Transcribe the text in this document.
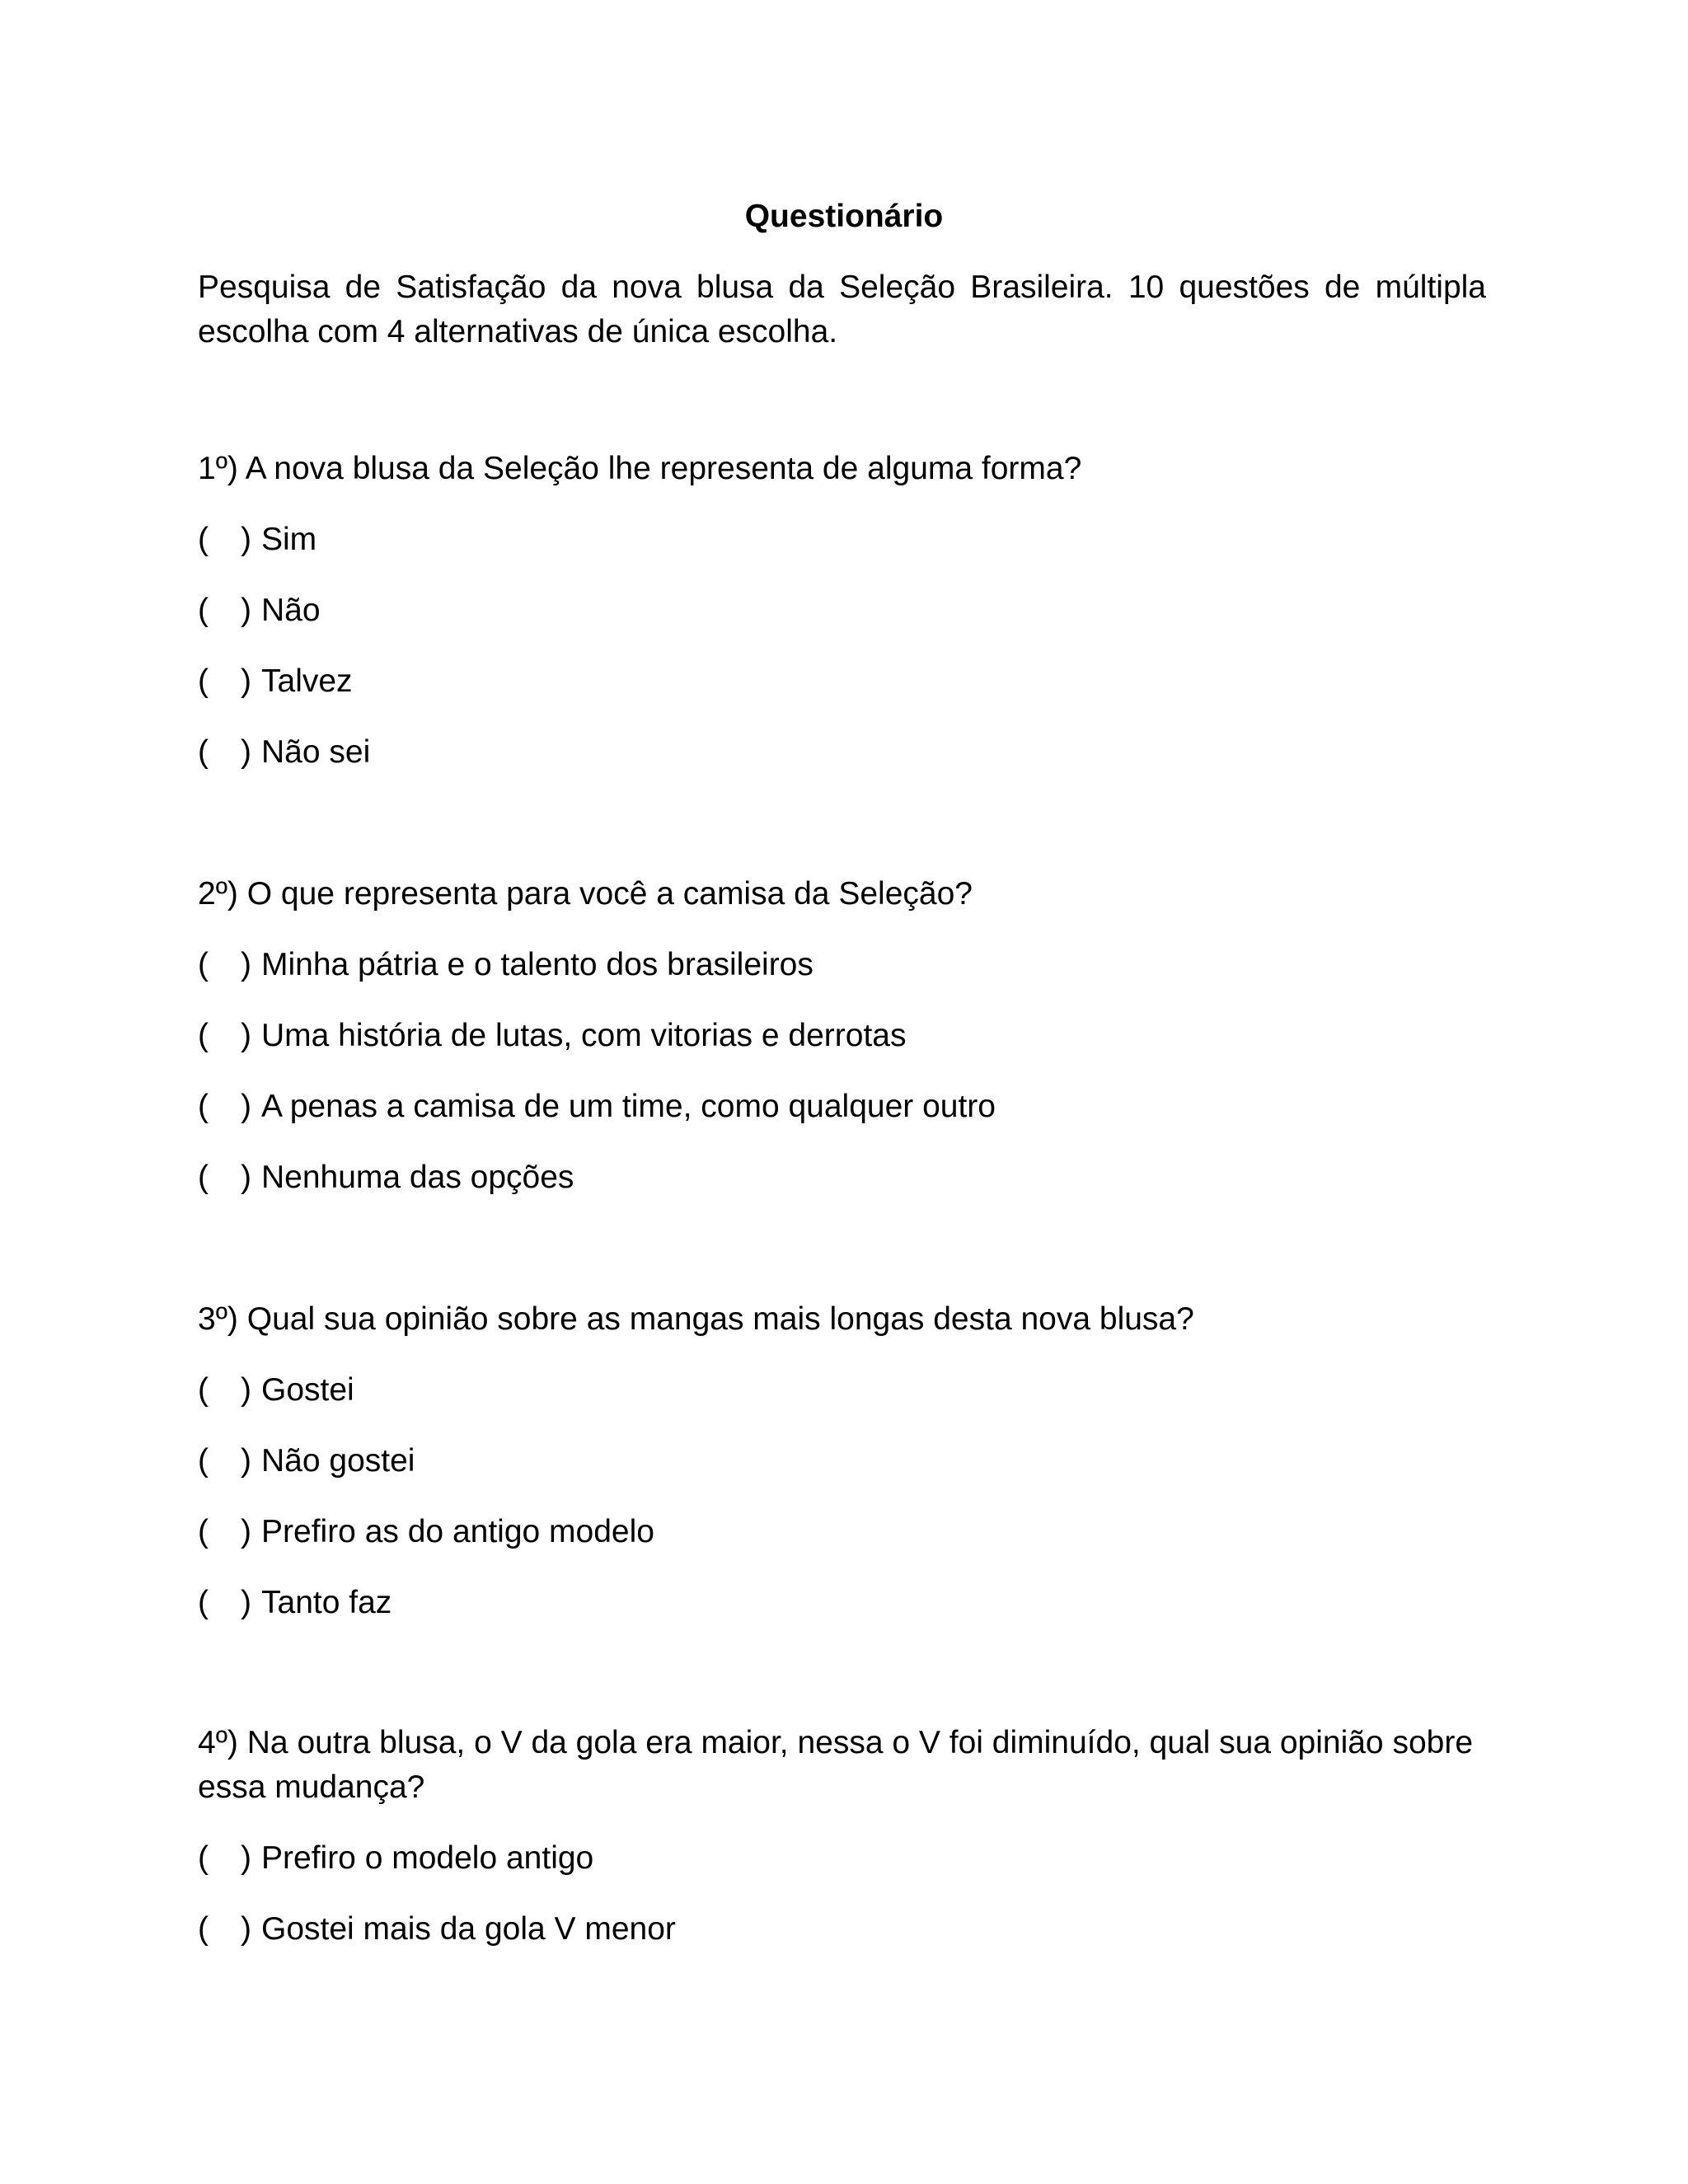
Questionário

Pesquisa de Satisfação da nova blusa da Seleção Brasileira. 10 questões de múltipla escolha com 4 alternativas de única escolha.

1º) A nova blusa da Seleção lhe representa de alguma forma?

( ) Sim
( ) Não
( ) Talvez
( ) Não sei

2º) O que representa para você a camisa da Seleção?

( ) Minha pátria e o talento dos brasileiros
( ) Uma história de lutas, com vitorias e derrotas
( ) A penas a camisa de um time, como qualquer outro
( ) Nenhuma das opções

3º) Qual sua opinião sobre as mangas mais longas desta nova blusa?

( ) Gostei
( ) Não gostei
( ) Prefiro as do antigo modelo
( ) Tanto faz

4º) Na outra blusa, o V da gola era maior, nessa o V foi diminuído, qual sua opinião sobre essa mudança?

( ) Prefiro o modelo antigo
( ) Gostei mais da gola V menor
